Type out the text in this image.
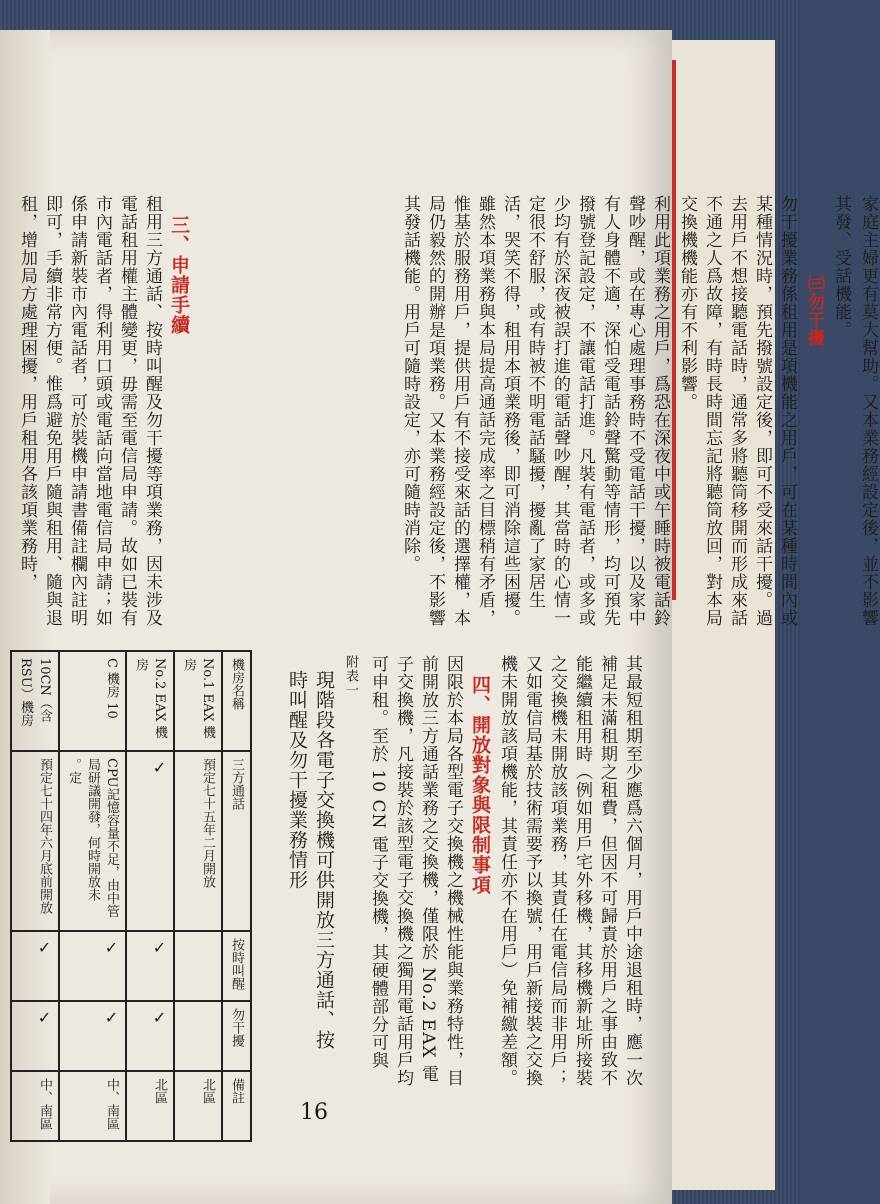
家庭主婦更有莫大幫助。又本業務經設定後，並不影響

其發、受話機能。

㈢勿干擾

勿干擾業務係租用是項機能之用戶，可在某種時間內或某種情況時，預先撥號設定後，即可不受來話干擾。過去用戶不想接聽電話時，通常多將聽筒移開而形成來話不通之人爲故障，有時長時間忘記將聽筒放回，對本局交換機機能亦有不利影響。

利用此項業務之用戶，爲恐在深夜中或午睡時被電話鈴聲吵醒，或在專心處理事務時不受電話干擾，以及家中有人身體不適，深怕受電話鈴聲驚動等情形，均可預先撥號登記設定，不讓電話打進。凡裝有電話者，或多或少均有於深夜被誤打進的電話聲吵醒，其當時的心情一定很不舒服，或有時被不明電話騷擾，擾亂了家居生活，哭笑不得，租用本項業務後，即可消除這些困擾。雖然本項業務與本局提高通話完成率之目標稍有矛盾，惟基於服務用戶，提供用戶有不接受來話的選擇權，本局仍毅然的開辦是項業務。又本業務經設定後，不影響其發話機能。用戶可隨時設定，亦可隨時消除。

三、申請手續

租用三方通話、按時叫醒及勿干擾等項業務，因未涉及電話租用權主體變更，毋需至電信局申請。故如已裝有市內電話者，得利用口頭或電話向當地電信局申請；如係申請新裝市內電話者，可於裝機申請書備註欄內註明即可，手續非常方便。惟爲避免用戶隨與租用、隨與退租，增加局方處理困擾，用戶租用各該項業務時，

其最短租期至少應爲六個月，用戶中途退租時，應一次補足未滿租期之租費，但因不可歸責於用戶之事由致不能繼續租用時（例如用戶宅外移機，其移機新址所接裝之交換機未開放該項業務，其責任在電信局而非用戶；又如電信局基於技術需要予以換號，用戶新接裝之交換機未開放該項機能，其責任亦不在用戶）免補繳差額。

四、開放對象與限制事項

因限於本局各型電子交換機之機械性能與業務特性，目前開放三方通話業務之交換機，僅限於 No.2 EAX 電子交換機，凡接裝於該型電子交換機之獨用電話用戶均可申租。至於 10 CN 電子交換機，其硬體部分可與

附表一

現階段各電子交換機可供開放三方通話、按

時叫醒及勿干擾業務情形

機房名稱	No.1 EAX 機房	No.2 EAX 機房	10 C 機房	10CN（含RSU）機房
三方通話	預定七十五年二月開放	✓	CPU記憶容量不足，由中管局研議開發，何時開放未定。	預定七十四年六月底前開放
按時叫醒		✓	✓	✓
勿干擾		✓	✓	✓
備註	北區	北區	中、南區	中、南區	16
